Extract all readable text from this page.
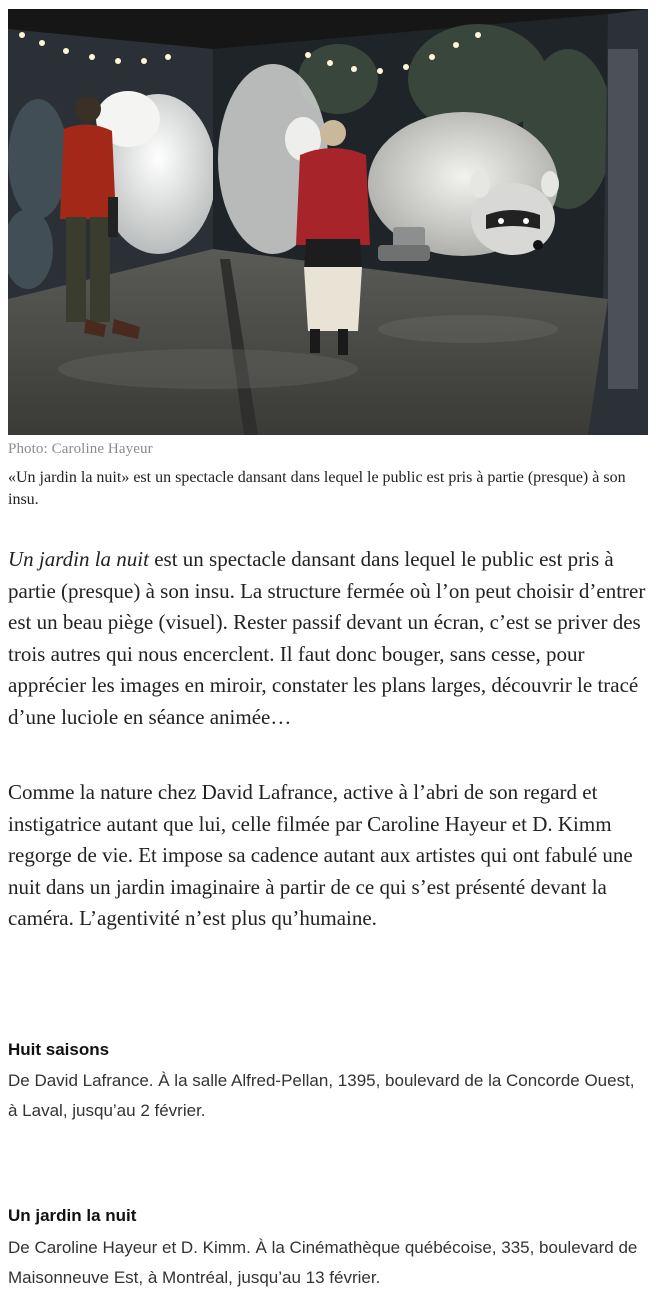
Photo: Caroline Hayeur
«Un jardin la nuit» est un spectacle dansant dans lequel le public est pris à partie (presque) à son insu.

Un jardin la nuit est un spectacle dansant dans lequel le public est pris à partie (presque) à son insu. La structure fermée où l’on peut choisir d’entrer est un beau piège (visuel). Rester passif devant un écran, c’est se priver des trois autres qui nous encerclent. Il faut donc bouger, sans cesse, pour apprécier les images en miroir, constater les plans larges, découvrir le tracé d’une luciole en séance animée…

Comme la nature chez David Lafrance, active à l’abri de son regard et instigatrice autant que lui, celle filmée par Caroline Hayeur et D. Kimm regorge de vie. Et impose sa cadence autant aux artistes qui ont fabulé une nuit dans un jardin imaginaire à partir de ce qui s’est présenté devant la caméra. L’agentivité n’est plus qu’humaine.

Huit saisons
De David Lafrance. À la salle Alfred-Pellan, 1395, boulevard de la Concorde Ouest, à Laval, jusqu’au 2 février.
Un jardin la nuit
De Caroline Hayeur et D. Kimm. À la Cinémathèque québécoise, 335, boulevard de Maisonneuve Est, à Montréal, jusqu’au 13 février.
